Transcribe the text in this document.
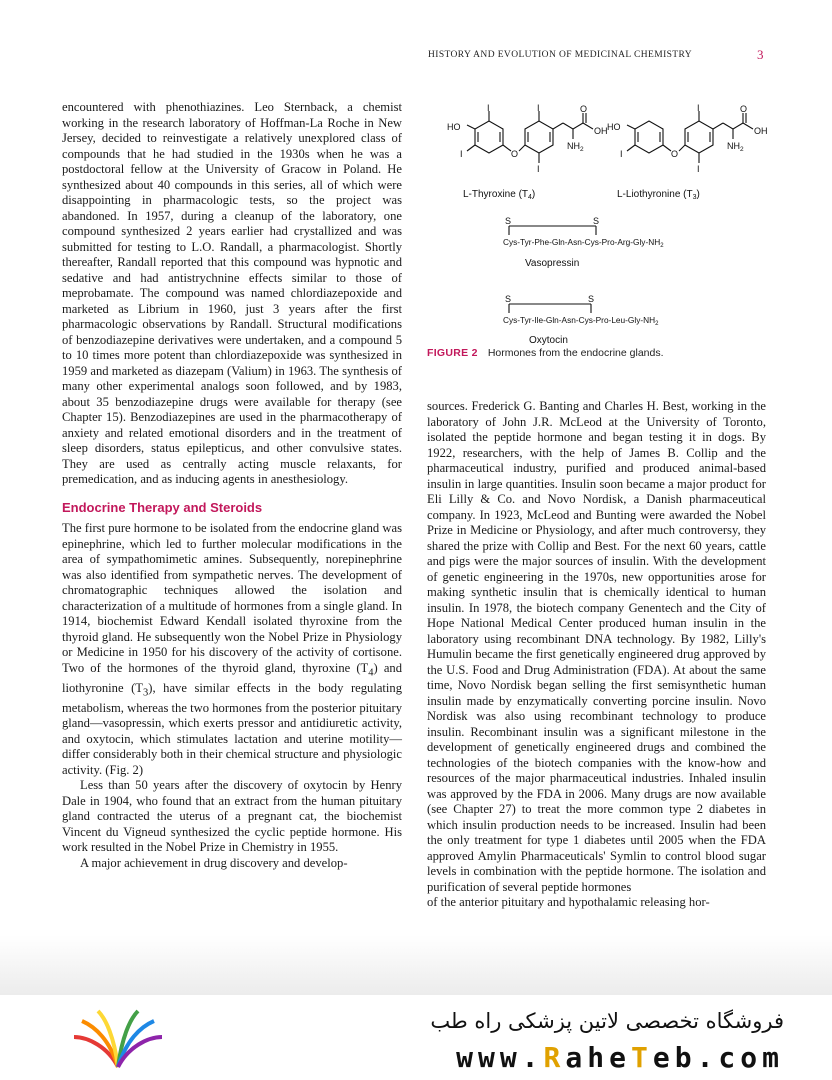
HISTORY AND EVOLUTION OF MEDICINAL CHEMISTRY	3

encountered with phenothiazines. Leo Sternback, a chemist working in the research laboratory of Hoffman-La Roche in New Jersey, decided to reinvestigate a relatively unexplored class of compounds that he had studied in the 1930s when he was a postdoctoral fellow at the University of Gracow in Poland. He synthesized about 40 compounds in this series, all of which were disappointing in pharmacologic tests, so the project was abandoned. In 1957, during a cleanup of the laboratory, one compound synthesized 2 years earlier had crystallized and was submitted for testing to L.O. Randall, a pharmacologist. Shortly thereafter, Randall reported that this compound was hypnotic and sedative and had antistrychnine effects similar to those of meprobamate. The compound was named chlordiazepoxide and marketed as Librium in 1960, just 3 years after the first pharmacologic observations by Randall. Structural modifications of benzodiazepine derivatives were undertaken, and a compound 5 to 10 times more potent than chlordiazepoxide was synthesized in 1959 and marketed as diazepam (Valium) in 1963. The synthesis of many other experimental analogs soon followed, and by 1983, about 35 benzodiazepine drugs were available for therapy (see Chapter 15). Benzodiazepines are used in the pharmacotherapy of anxiety and related emotional disorders and in the treatment of sleep disorders, status epilepticus, and other convulsive states. They are used as centrally acting muscle relaxants, for premedication, and as inducing agents in anesthesiology.

Endocrine Therapy and Steroids

The first pure hormone to be isolated from the endocrine gland was epinephrine, which led to further molecular modifications in the area of sympathomimetic amines. Subsequently, norepinephrine was also identified from sympathetic nerves. The development of chromatographic techniques allowed the isolation and characterization of a multitude of hormones from a single gland. In 1914, biochemist Edward Kendall isolated thyroxine from the thyroid gland. He subsequently won the Nobel Prize in Physiology or Medicine in 1950 for his discovery of the activity of cortisone. Two of the hormones of the thyroid gland, thyroxine $(T_4)$ and liothyronine $(T_3)$, have similar effects in the body regulating metabolism, whereas the two hormones from the posterior pituitary gland—vasopressin, which exerts pressor and antidiuretic activity, and oxytocin, which stimulates lactation and uterine motility—differ considerably both in their chemical structure and physiologic activity. (Fig. 2)

Less than 50 years after the discovery of oxytocin by Henry Dale in 1904, who found that an extract from the human pituitary gland contracted the uterus of a pregnant cat, the biochemist Vincent du Vigneud synthesized the cyclic peptide hormone. His work resulted in the Nobel Prize in Chemistry in 1955.

A major achievement in drug discovery and develop-

HO
I
I	O
I
I
O
OH
$NH_2$
HO
I	O
I
I
O
OH
$NH_2$
L-Thyroxine $(T_4)$	L-Liothyronine $(T_3)$
S	S
Cys-$Tyr-Phe-Gln-Asn-Cys-Pro-Arg-Gly-NH_2$
Vasopressin
S	S
Cys-$Tyr-Ile-Gln-Asn-Cys-Pro-Leu-Gly-NH_2$
Oxytocin
FIGURE 2 Hormones from the endocrine glands.

sources. Frederick G. Banting and Charles H. Best, working in the laboratory of John J.R. McLeod at the University of Toronto, isolated the peptide hormone and began testing it in dogs. By 1922, researchers, with the help of James B. Collip and the pharmaceutical industry, purified and produced animal-based insulin in large quantities. Insulin soon became a major product for Eli Lilly & Co. and Novo Nordisk, a Danish pharmaceutical company. In 1923, McLeod and Bunting were awarded the Nobel Prize in Medicine or Physiology, and after much controversy, they shared the prize with Collip and Best. For the next 60 years, cattle and pigs were the major sources of insulin. With the development of genetic engineering in the 1970s, new opportunities arose for making synthetic insulin that is chemically identical to human insulin. In 1978, the biotech company Genentech and the City of Hope National Medical Center produced human insulin in the laboratory using recombinant DNA technology. By 1982, Lilly's Humulin became the first genetically engineered drug approved by the U.S. Food and Drug Administration (FDA). At about the same time, Novo Nordisk began selling the first semisynthetic human insulin made by enzymatically converting porcine insulin. Novo Nordisk was also using recombinant technology to produce insulin. Recombinant insulin was a significant milestone in the development of genetically engineered drugs and combined the technologies of the biotech companies with the know-how and resources of the major pharmaceutical industries. Inhaled insulin was approved by the FDA in 2006. Many drugs are now available (see Chapter 27) to treat the more common type 2 diabetes in which insulin production needs to be increased. Insulin had been the only treatment for type 1 diabetes until 2005 when the FDA approved Amylin Pharmaceuticals' Symlin to control blood sugar levels in combination with the peptide hormone. The isolation and purification of several peptide hormones

of the anterior pituitary and hypothalamic releasing hor-

فروشگاه تخصصی لاتین پزشکی راه طب
www.RaheTeb.com
